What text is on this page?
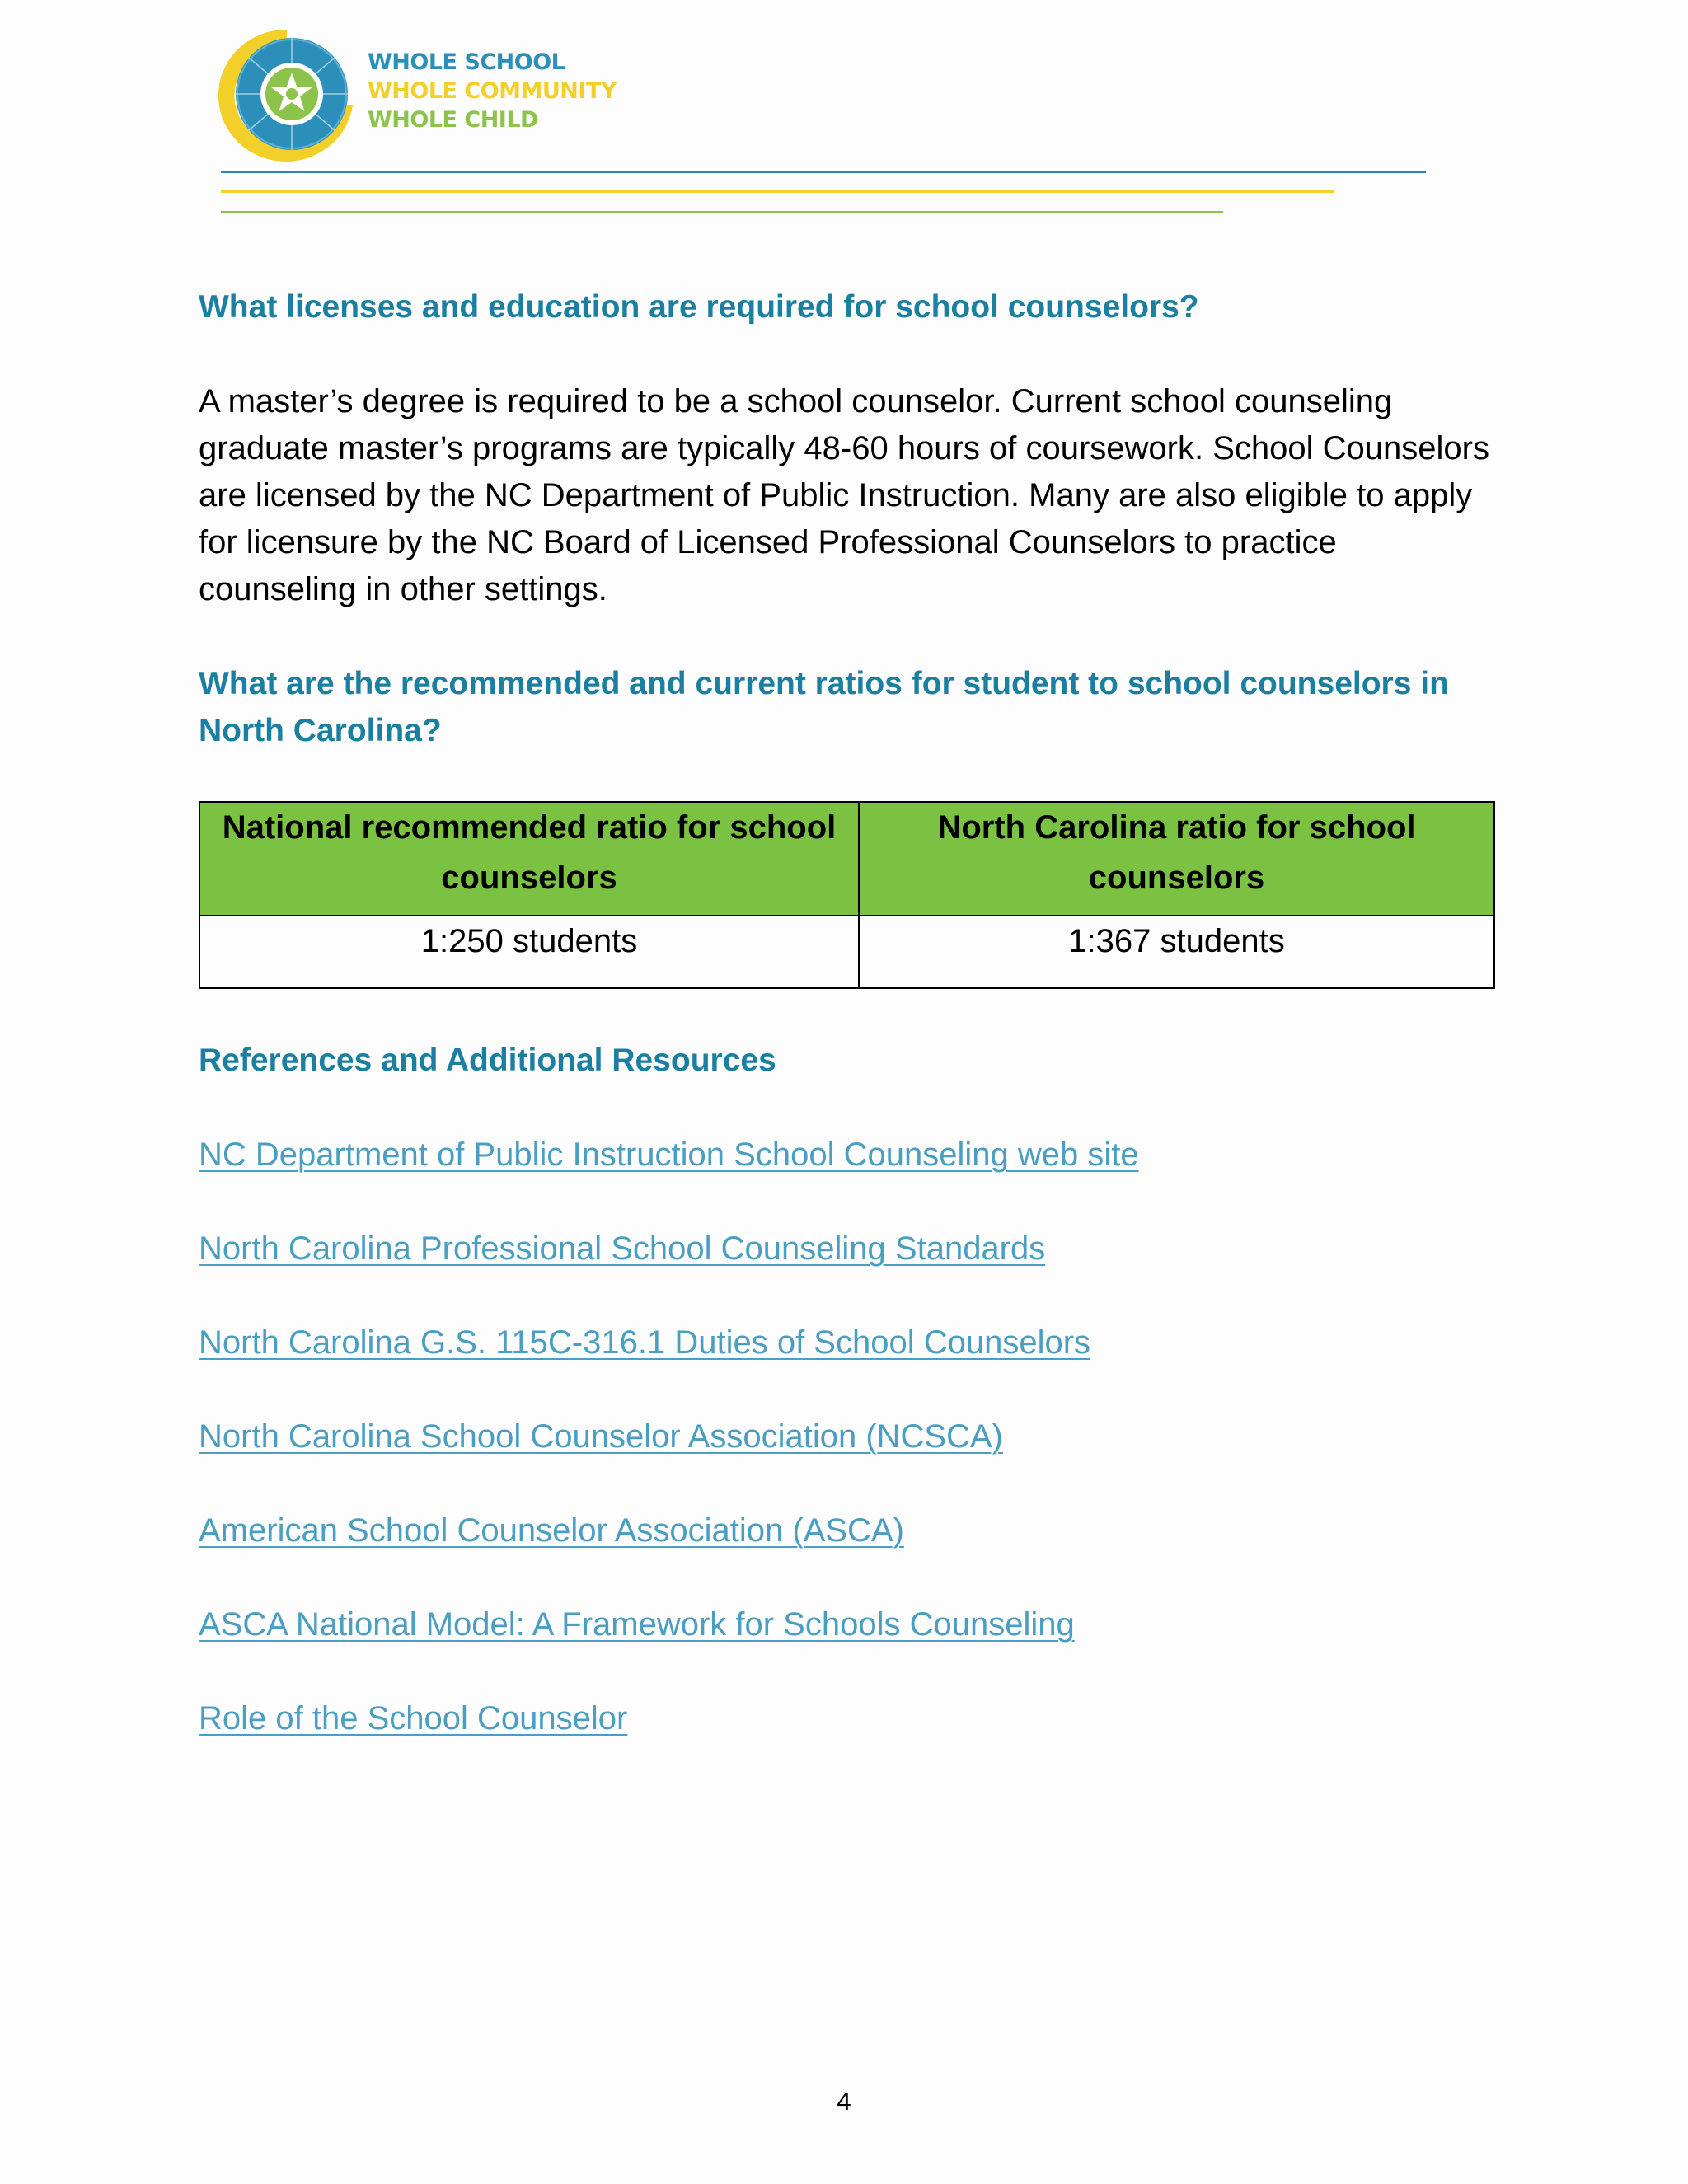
WHOLE SCHOOL
WHOLE COMMUNITY
WHOLE CHILD
What licenses and education are required for school counselors?

A master’s degree is required to be a school counselor. Current school counseling graduate master’s programs are typically 48-60 hours of coursework. School Counselors are licensed by the NC Department of Public Instruction. Many are also eligible to apply for licensure by the NC Board of Licensed Professional Counselors to practice counseling in other settings.

What are the recommended and current ratios for student to school counselors in North Carolina?
National recommended ratio for school counselors	North Carolina ratio for school counselors
1:250 students	1:367 students
References and Additional Resources
NC Department of Public Instruction School Counseling web site
North Carolina Professional School Counseling Standards
North Carolina G.S. 115C-316.1 Duties of School Counselors
North Carolina School Counselor Association (NCSCA)
American School Counselor Association (ASCA)
ASCA National Model: A Framework for Schools Counseling
Role of the School Counselor
4
